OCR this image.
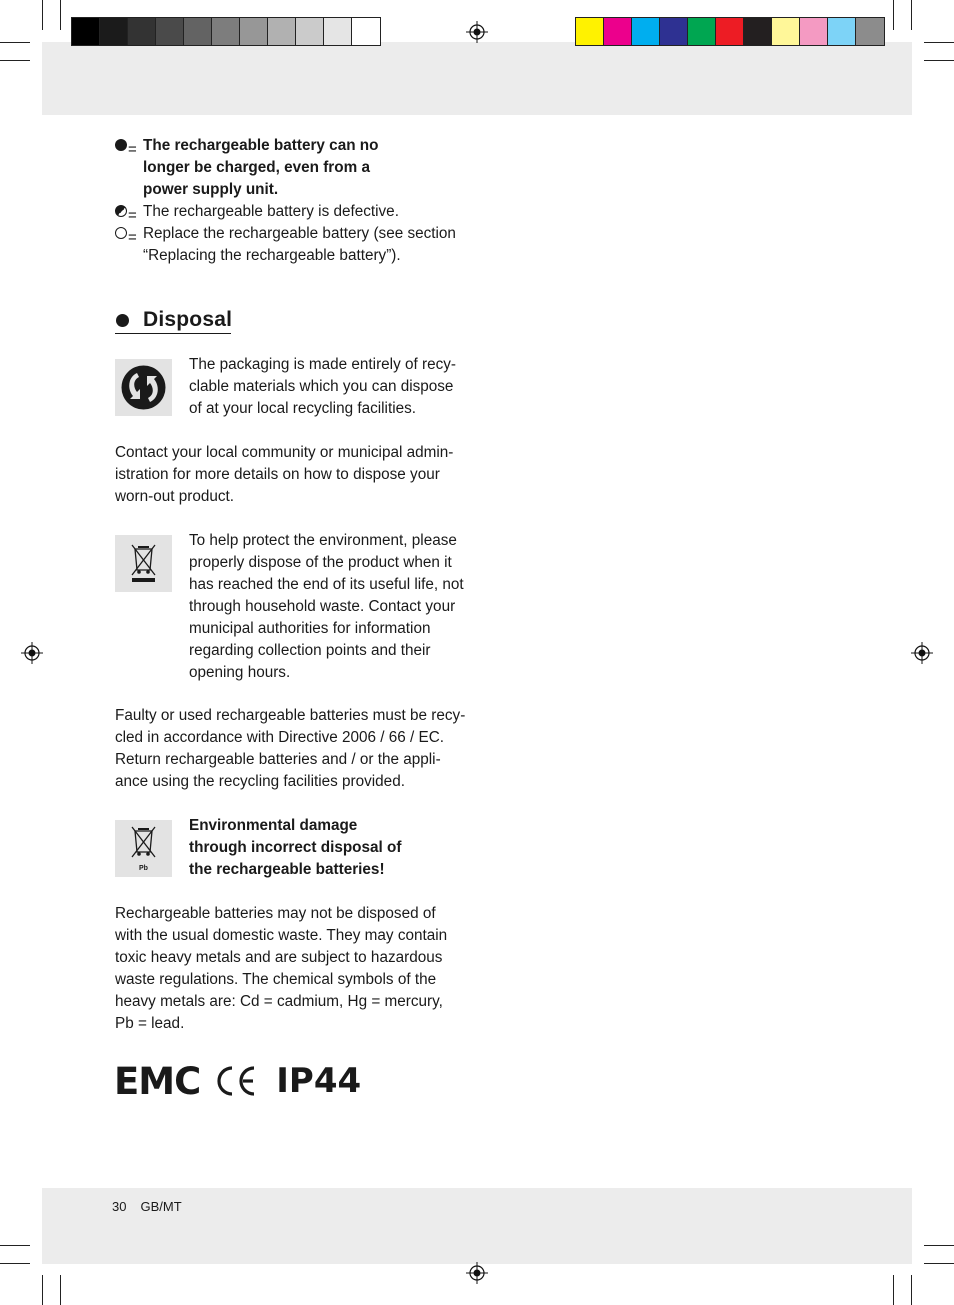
= The rechargeable battery can no
longer be charged, even from a
power supply unit.
= The rechargeable battery is defective.
= Replace the rechargeable battery (see section
“Replacing the rechargeable battery”).
Disposal
The packaging is made entirely of recy-
clable materials which you can dispose
of at your local recycling facilities.
Contact your local community or municipal admin-
istration for more details on how to dispose your
worn-out product.
To help protect the environment, please
properly dispose of the product when it
has reached the end of its useful life, not
through household waste. Contact your
municipal authorities for information
regarding collection points and their
opening hours.
Faulty or used rechargeable batteries must be recy-
cled in accordance with Directive 2006 / 66 / EC.
Return rechargeable batteries and / or the appli-
ance using the recycling facilities provided.
Pb
Environmental damage
through incorrect disposal of
the rechargeable batteries!
Rechargeable batteries may not be disposed of
with the usual domestic waste. They may contain
toxic heavy metals and are subject to hazardous
waste regulations. The chemical symbols of the
heavy metals are: Cd = cadmium, Hg = mercury,
Pb = lead.
EMC IP44
30 GB/MT
